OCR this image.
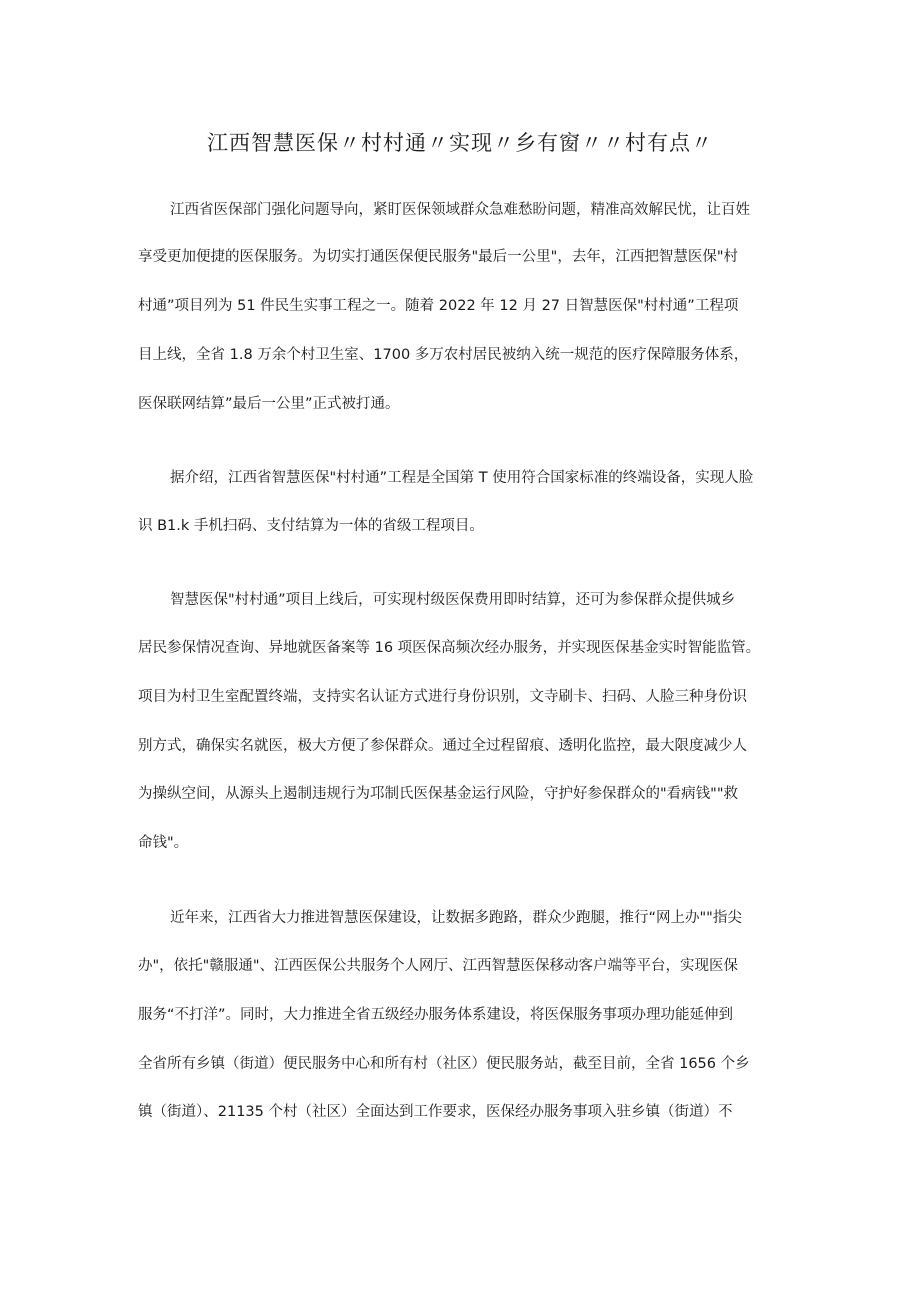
江西智慧医保〃村村通〃实现〃乡有窗〃〃村有点〃
江西省医保部门强化问题导向，紧盯医保领域群众急难愁盼问题，精准高效解民忧，让百姓
享受更加便捷的医保服务。为切实打通医保便民服务"最后一公里"，去年，江西把智慧医保"村
村通”项目列为 51 件民生实事工程之一。随着 2022 年 12 月 27 日智慧医保"村村通”工程项
目上线，全省 1.8 万余个村卫生室、1700 多万农村居民被纳入统一规范的医疗保障服务体系，
医保联网结算”最后一公里”正式被打通。
据介绍，江西省智慧医保"村村通”工程是全国第 T 使用符合国家标准的终端设备，实现人脸
识 B1.k 手机扫码、支付结算为一体的省级工程项目。
智慧医保"村村通”项目上线后，可实现村级医保费用即时结算，还可为参保群众提供城乡
居民参保情况查询、异地就医备案等 16 项医保高频次经办服务，并实现医保基金实时智能监管。
项目为村卫生室配置终端，支持实名认证方式进行身份识别，文寺刷卡、扫码、人脸三种身份识
别方式，确保实名就医，极大方便了参保群众。通过全过程留痕、透明化监控，最大限度减少人
为操纵空间，从源头上遏制违规行为邛制氏医保基金运行风险，守护好参保群众的"看病钱""救
命钱"。
近年来，江西省大力推进智慧医保建设，让数据多跑路，群众少跑腿，推行“网上办""指尖
办"，依托"赣服通"、江西医保公共服务个人网厅、江西智慧医保移动客户端等平台，实现医保
服务“不打洋”。同时，大力推进全省五级经办服务体系建设，将医保服务事项办理功能延伸到
全省所有乡镇（街道）便民服务中心和所有村（社区）便民服务站，截至目前，全省 1656 个乡
镇（街道）、21135 个村（社区）全面达到工作要求，医保经办服务事项入驻乡镇（街道）不
